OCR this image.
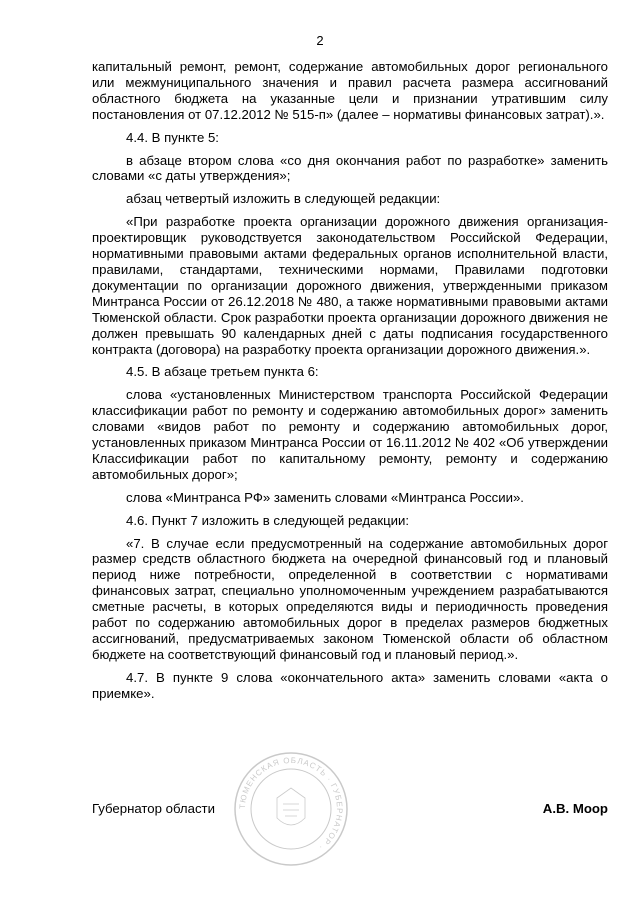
2

капитальный ремонт, ремонт, содержание автомобильных дорог регионального или межмуниципального значения и правил расчета размера ассигнований областного бюджета на указанные цели и признании утратившим силу постановления от 07.12.2012 № 515-п» (далее – нормативы финансовых затрат).».

4.4. В пункте 5:

в абзаце втором слова «со дня окончания работ по разработке» заменить словами «с даты утверждения»;

абзац четвертый изложить в следующей редакции:

«При разработке проекта организации дорожного движения организация-проектировщик руководствуется законодательством Российской Федерации, нормативными правовыми актами федеральных органов исполнительной власти, правилами, стандартами, техническими нормами, Правилами подготовки документации по организации дорожного движения, утвержденными приказом Минтранса России от 26.12.2018 № 480, а также нормативными правовыми актами Тюменской области. Срок разработки проекта организации дорожного движения не должен превышать 90 календарных дней с даты подписания государственного контракта (договора) на разработку проекта организации дорожного движения.».

4.5. В абзаце третьем пункта 6:

слова «установленных Министерством транспорта Российской Федерации классификации работ по ремонту и содержанию автомобильных дорог» заменить словами «видов работ по ремонту и содержанию автомобильных дорог, установленных приказом Минтранса России от 16.11.2012 № 402 «Об утверждении Классификации работ по капитальному ремонту, ремонту и содержанию автомобильных дорог»;

слова «Минтранса РФ» заменить словами «Минтранса России».

4.6. Пункт 7 изложить в следующей редакции:

«7. В случае если предусмотренный на содержание автомобильных дорог размер средств областного бюджета на очередной финансовый год и плановый период ниже потребности, определенной в соответствии с нормативами финансовых затрат, специально уполномоченным учреждением разрабатываются сметные расчеты, в которых определяются виды и периодичность проведения работ по содержанию автомобильных дорог в пределах размеров бюджетных ассигнований, предусматриваемых законом Тюменской области об областном бюджете на соответствующий финансовый год и плановый период.».

4.7. В пункте 9 слова «окончательного акта» заменить словами «акта о приемке».

ТЮМЕНСКАЯ ОБЛАСТЬ · ГУБЕРНАТОР ·
Губернатор области	А.В. Моор
